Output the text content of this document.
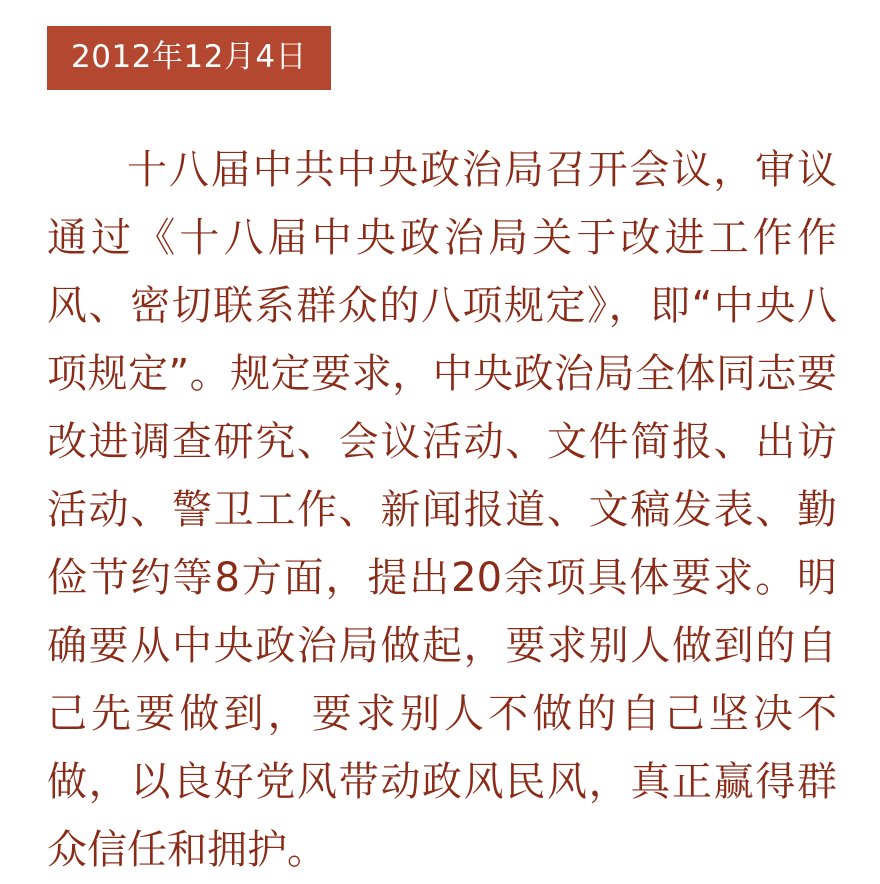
2012年12月4日
十八届中共中央政治局召开会议，审议通过《十八届中央政治局关于改进工作作风、密切联系群众的八项规定》，即“中央八项规定”。规定要求，中央政治局全体同志要改进调查研究、会议活动、文件简报、出访活动、警卫工作、新闻报道、文稿发表、勤俭节约等8方面，提出20余项具体要求。明确要从中央政治局做起，要求别人做到的自己先要做到，要求别人不做的自己坚决不做，以良好党风带动政风民风，真正赢得群众信任和拥护。
